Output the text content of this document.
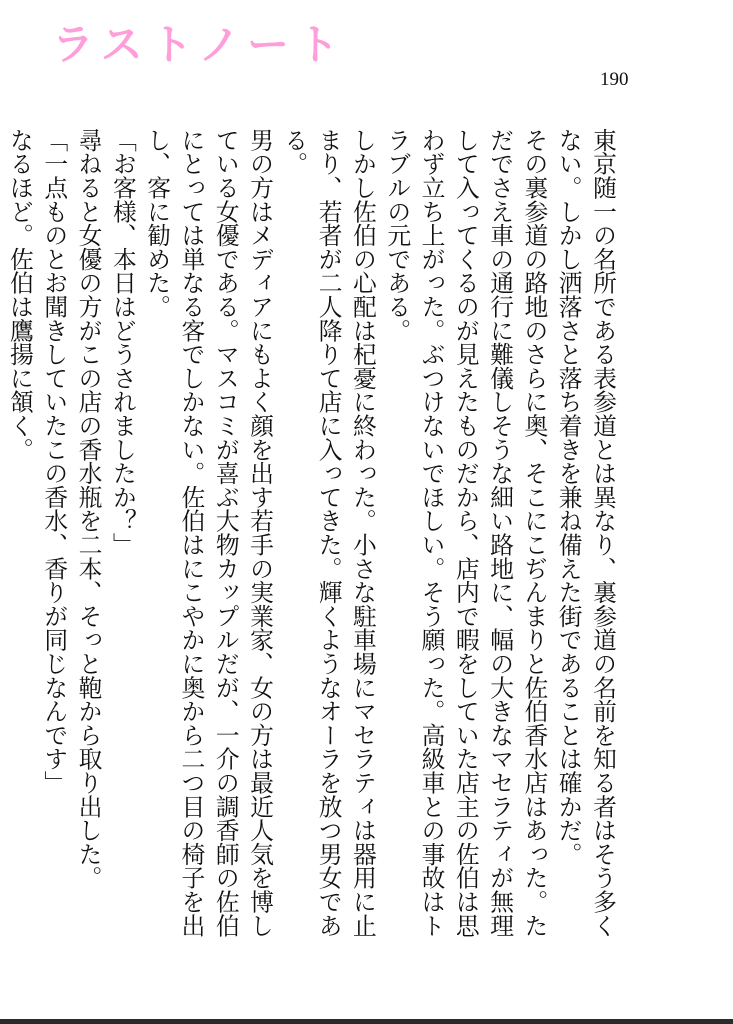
ラストノート
190

東京随一の名所である表参道とは異なり、裏参道の名前を知る者はそう多くない。しかし洒落さと落ち着きを兼ね備えた街であることは確かだ。

その裏参道の路地のさらに奥、そこにこぢんまりと佐伯香水店はあった。ただでさえ車の通行に難儀しそうな細い路地に、幅の大きなマセラティが無理して入ってくるのが見えたものだから、店内で暇をしていた店主の佐伯は思わず立ち上がった。ぶつけないでほしい。そう願った。高級車との事故はトラブルの元である。

しかし佐伯の心配は杞憂に終わった。小さな駐車場にマセラティは器用に止まり、若者が二人降りて店に入ってきた。輝くようなオーラを放つ男女である。

男の方はメディアにもよく顔を出す若手の実業家、女の方は最近人気を博している女優である。マスコミが喜ぶ大物カップルだが、一介の調香師の佐伯にとっては単なる客でしかない。佐伯はにこやかに奥から二つ目の椅子を出し、客に勧めた。

「お客様、本日はどうされましたか？」

尋ねると女優の方がこの店の香水瓶を二本、そっと鞄から取り出した。

「一点ものとお聞きしていたこの香水、香りが同じなんです」

なるほど。佐伯は鷹揚に頷く。
